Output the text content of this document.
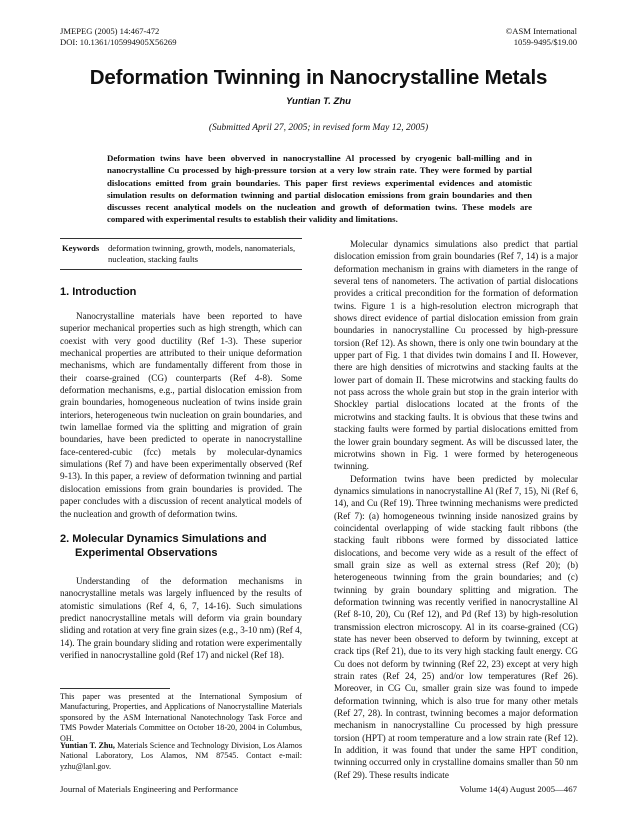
JMEPEG (2005) 14:467-472
DOI: 10.1361/105994905X56269
©ASM International
1059-9495/$19.00
Deformation Twinning in Nanocrystalline Metals
Yuntian T. Zhu
(Submitted April 27, 2005; in revised form May 12, 2005)
Deformation twins have been obverved in nanocrystalline Al processed by cryogenic ball-milling and in nanocrystalline Cu processed by high-pressure torsion at a very low strain rate. They were formed by partial dislocations emitted from grain boundaries. This paper first reviews experimental evidences and atomistic simulation results on deformation twinning and partial dislocation emissions from grain boundaries and then discusses recent analytical models on the nucleation and growth of deformation twins. These models are compared with experimental results to establish their validity and limitations.
Keywords	deformation twinning, growth, models, nanomaterials, nucleation, stacking faults
1. Introduction

Nanocrystalline materials have been reported to have superior mechanical properties such as high strength, which can coexist with very good ductility (Ref 1-3). These superior mechanical properties are attributed to their unique deformation mechanisms, which are fundamentally different from those in their coarse-grained (CG) counterparts (Ref 4-8). Some deformation mechanisms, e.g., partial dislocation emission from grain boundaries, homogeneous nucleation of twins inside grain interiors, heterogeneous twin nucleation on grain boundaries, and twin lamellae formed via the splitting and migration of grain boundaries, have been predicted to operate in nanocrystalline face-centered-cubic (fcc) metals by molecular-dynamics simulations (Ref 7) and have been experimentally observed (Ref 9-13). In this paper, a review of deformation twinning and partial dislocation emissions from grain boundaries is provided. The paper concludes with a discussion of recent analytical models of the nucleation and growth of deformation twins.

2. Molecular Dynamics Simulations and
Experimental Observations

Understanding of the deformation mechanisms in nanocrystalline metals was largely influenced by the results of atomistic simulations (Ref 4, 6, 7, 14-16). Such simulations predict nanocrystalline metals will deform via grain boundary sliding and rotation at very fine grain sizes (e.g., 3-10 nm) (Ref 4, 14). The grain boundary sliding and rotation were experimentally verified in nanocrystalline gold (Ref 17) and nickel (Ref 18).

This paper was presented at the International Symposium of Manufacturing, Properties, and Applications of Nanocrystalline Materials sponsored by the ASM International Nanotechnology Task Force and TMS Powder Materials Committee on October 18-20, 2004 in Columbus, OH.
Yuntian T. Zhu, Materials Science and Technology Division, Los Alamos National Laboratory, Los Alamos, NM 87545. Contact e-mail: yzhu@lanl.gov.

Molecular dynamics simulations also predict that partial dislocation emission from grain boundaries (Ref 7, 14) is a major deformation mechanism in grains with diameters in the range of several tens of nanometers. The activation of partial dislocations provides a critical precondition for the formation of deformation twins. Figure 1 is a high-resolution electron micrograph that shows direct evidence of partial dislocation emission from grain boundaries in nanocrystalline Cu processed by high-pressure torsion (Ref 12). As shown, there is only one twin boundary at the upper part of Fig. 1 that divides twin domains I and II. However, there are high densities of microtwins and stacking faults at the lower part of domain II. These microtwins and stacking faults do not pass across the whole grain but stop in the grain interior with Shockley partial dislocations located at the fronts of the microtwins and stacking faults. It is obvious that these twins and stacking faults were formed by partial dislocations emitted from the lower grain boundary segment. As will be discussed later, the microtwins shown in Fig. 1 were formed by heterogeneous twinning.

Deformation twins have been predicted by molecular dynamics simulations in nanocrystalline Al (Ref 7, 15), Ni (Ref 6, 14), and Cu (Ref 19). Three twinning mechanisms were predicted (Ref 7): (a) homogeneous twinning inside nanosized grains by coincidental overlapping of wide stacking fault ribbons (the stacking fault ribbons were formed by dissociated lattice dislocations, and become very wide as a result of the effect of small grain size as well as external stress (Ref 20); (b) heterogeneous twinning from the grain boundaries; and (c) twinning by grain boundary splitting and migration. The deformation twinning was recently verified in nanocrystalline Al (Ref 8-10, 20), Cu (Ref 12), and Pd (Ref 13) by high-resolution transmission electron microscopy. Al in its coarse-grained (CG) state has never been observed to deform by twinning, except at crack tips (Ref 21), due to its very high stacking fault energy. CG Cu does not deform by twinning (Ref 22, 23) except at very high strain rates (Ref 24, 25) and/or low temperatures (Ref 26). Moreover, in CG Cu, smaller grain size was found to impede deformation twinning, which is also true for many other metals (Ref 27, 28). In contrast, twinning becomes a major deformation mechanism in nanocrystalline Cu processed by high pressure torsion (HPT) at room temperature and a low strain rate (Ref 12). In addition, it was found that under the same HPT condition, twinning occurred only in crystalline domains smaller than 50 nm (Ref 29). These results indicate

Journal of Materials Engineering and Performance	Volume 14(4) August 2005—467
